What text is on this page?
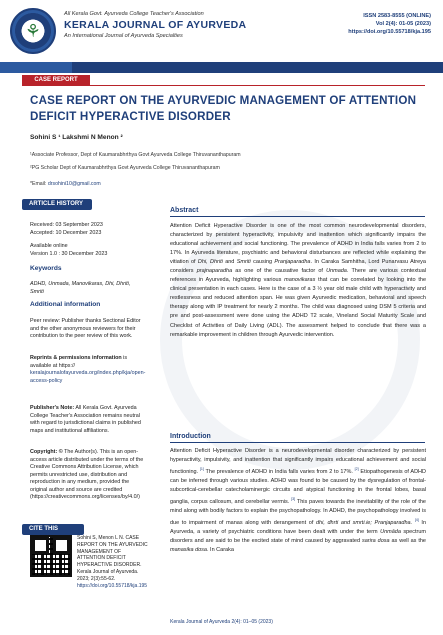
⚘
All Kerala Govt. Ayurveda College Teacher's Association
KERALA JOURNAL OF AYURVEDA
An International Journal of Ayurveda Specialties
ISSN 2583-8555 (ONLINE)
Vol 2(4): 01-05 (2023)
https://doi.org/10.55718/kja.195
CASE REPORT
CASE REPORT ON THE AYURVEDIC MANAGEMENT OF ATTENTION DEFICIT HYPERACTIVE DISORDER
Sohini S ¹ Lakshmi N Menon ²
¹Associate Professor, Dept of Kaumarabhrthya Govt Ayurveda College Thiruvananthapuram
²PG Scholar Dept of Kaumarabhrthya Govt Ayurveda College Thiruvananthapuram
*Email: drsohini10@gmail.com
ARTICLE HISTORY
Received: 03 September 2023
Accepted: 10 December 2023
Available online
Version 1.0 : 30 December 2023
Keywords
ADHD, Unmada, Manovikaras, Dhi, Dhriti, Smriti
Additional information
Peer review: Publisher thanks Sectional Editor and the other anonymous reviewers for their contribution to the peer review of this work.
Reprints & permissions information is available at https:// keralajournalofayurveda.org/index.php/kja/open-access-policy
Publisher's Note: All Kerala Govt. Ayurveda College Teacher's Association remains neutral with regard to jurisdictional claims in published maps and institutional affiliations.
Copyright: © The Author(s). This is an open-access article distributed under the terms of the Creative Commons Attribution License, which permits unrestricted use, distribution and reproduction in any medium, provided the original author and source are credited (https://creativecommons.org/licenses/by/4.0/)
CITE THIS
Sohini S, Menon L N. CASE REPORT ON THE AYURVEDIC MANAGEMENT OF ATTENTION DEFICIT HYPERACTIVE DISORDER. Kerala Journal of Ayurveda. 2023; 2(3):55-62. https://doi.org/10.55718/kja.195
Abstract
Attention Deficit Hyperactive Disorder is one of the most common neurodevelopmental disorders, characterized by persistent hyperactivity, impulsivity and inattention which significantly impairs the educational achievement and social functioning. The prevalence of ADHD in India falls varies from 2 to 17%. In Ayurveda literature, psychiatric and behavioral disturbances are reflected while explaining the vitiation of Dhi, Dhriti and Smriti causing Pranjaparadha. In Caraka Samhitha, Lord Punarvasu Atreya considers prajnaparadha as one of the causative factor of Unmada. There are various contextual references in Ayurveda, highlighting various manovikaras that can be correlated by looking into the clinical presentation in each cases. Here is the case of a 3 ½ year old male child with hyperactivity and restlessness and reduced attention span. He was given Ayurvedic medication, behavioral and speech therapy along with IP treatment for nearly 2 months. The child was diagnosed using DSM 5 criteria and pre and post-assessment were done using the ADHD T2 scale, Vineland Social Maturity Scale and Checklist of Activities of Daily Living (ADL). The assessment helped to conclude that there was a remarkable improvement in children through Ayurvedic intervention.
Introduction
Attention Deficit Hyperactive Disorder is a neurodevelopmental disorder characterized by persistent hyperactivity, impulsivity, and inattention that significantly impairs educational achievement and social functioning. [1] The prevalence of ADHD in India falls varies from 2 to 17%. [2] Etiopathogenesis of ADHD can be inferred through various studies. ADHD was found to be caused by the dysregulation of frontal-subcortical-cerebellar catecholaminergic circuits and atypical functioning in the frontal lobes, basal ganglia, corpus callosum, and cerebellar vermis. [3] This paves towards the inevitability of the role of the mind along with bodily factors to explain the psychopathology. In ADHD, the psychopathology involved is due to impairment of manas along with derangement of dhi, dhrti and smrti.ie; Pranjaparadha. [4] In Ayurveda, a variety of psychiatric conditions have been dealt with under the term Unmāda spectrum disorders and are said to be the excited state of mind caused by aggravated sarira dosa as well as the manasika dosa. In Caraka
Kerala Journal of Ayurveda 2(4): 01–05 (2023)
